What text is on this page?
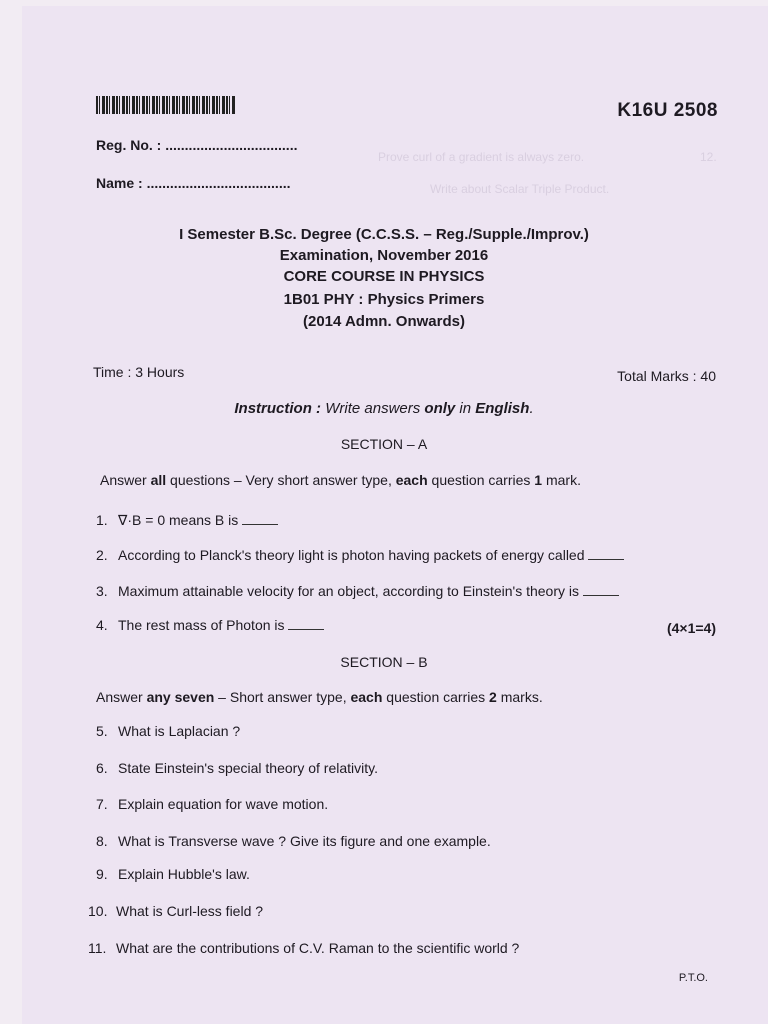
Prove curl of a gradient is always zero.
Write about Scalar Triple Product.
12.
K16U 2508
Reg. No. : ..................................
Name : .....................................
I Semester B.Sc. Degree (C.C.S.S. – Reg./Supple./Improv.)
Examination, November 2016
CORE COURSE IN PHYSICS
1B01 PHY : Physics Primers
(2014 Admn. Onwards)
Time : 3 Hours	Total Marks : 40
Instruction : Write answers only in English.
SECTION – A
Answer all questions – Very short answer type, each question carries 1 mark.
1. ∇·B = 0 means B is
2. According to Planck's theory light is photon having packets of energy called
3. Maximum attainable velocity for an object, according to Einstein's theory is
4. The rest mass of Photon is	(4×1=4)
SECTION – B
Answer any seven – Short answer type, each question carries 2 marks.
5. What is Laplacian ?
6. State Einstein's special theory of relativity.
7. Explain equation for wave motion.
8. What is Transverse wave ? Give its figure and one example.
9. Explain Hubble's law.
10. What is Curl-less field ?
11. What are the contributions of C.V. Raman to the scientific world ?
P.T.O.
